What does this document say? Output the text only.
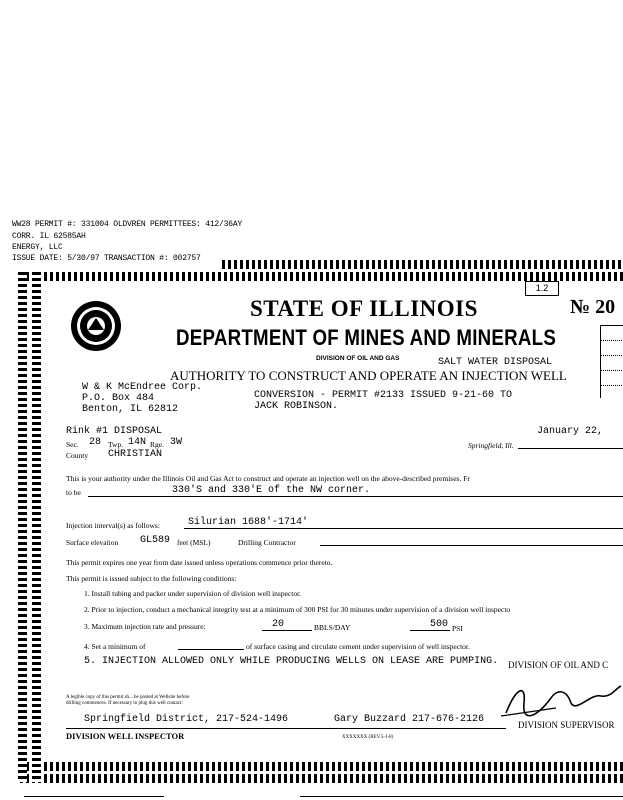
WW28 PERMIT #: 331004 OLDVREN PERMITTEES: 412/36AY
CORR. IL 62585AH
ENERGY, LLC
ISSUE DATE: 5/30/97 TRANSACTION #: 002757
1.2
№ 20
STATE OF ILLINOIS
DEPARTMENT OF MINES AND MINERALS
DIVISION OF OIL AND GAS	SALT WATER DISPOSAL
AUTHORITY TO CONSTRUCT AND OPERATE AN INJECTION WELL
W & K McEndree Corp.
P.O. Box 484
Benton, IL 62812
CONVERSION - PERMIT #2133 ISSUED 9-21-60 TO
JACK ROBINSON.
Rink #1 DISPOSAL
Sec. 28 Twp. 14N Rge. 3W
County CHRISTIAN
January 22,
Springfield, Ill.
This is your authority under the Illinois Oil and Gas Act to construct and operate an injection well on the above-described premises. Fr
to be	330'S and 330'E of the NW corner.
Injection interval(s) as follows:	Silurian 1688'-1714'
Surface elevation GL589 feet (MSL)	Drilling Contractor
This permit expires one year from date issued unless operations commence prior thereto.
This permit is issued subject to the following conditions:
1. Install tubing and packer under supervision of division well inspector.
2. Prior to injection, conduct a mechanical integrity test at a minimum of 300 PSI for 30 minutes under supervision of a division well inspecto
3. Maximum injection rate and pressure:	20	BBLS/DAY	500 PSI
4. Set a minimum of	of surface casing and circulate cement under supervision of well inspector.
5. INJECTION ALLOWED ONLY WHILE PRODUCING WELLS ON LEASE ARE PUMPING. DIVISION OF OIL AND C
A legible copy of this permit sh... be posted at Wellsite before
drilling commences. If necessary to plug this well contact:
Springfield District, 217-524-1496	Gary Buzzard 217-676-2126	DIVISION SUPERVISOR
DIVISION WELL INSPECTOR	XXXXXXX (REV.5-1-8)
